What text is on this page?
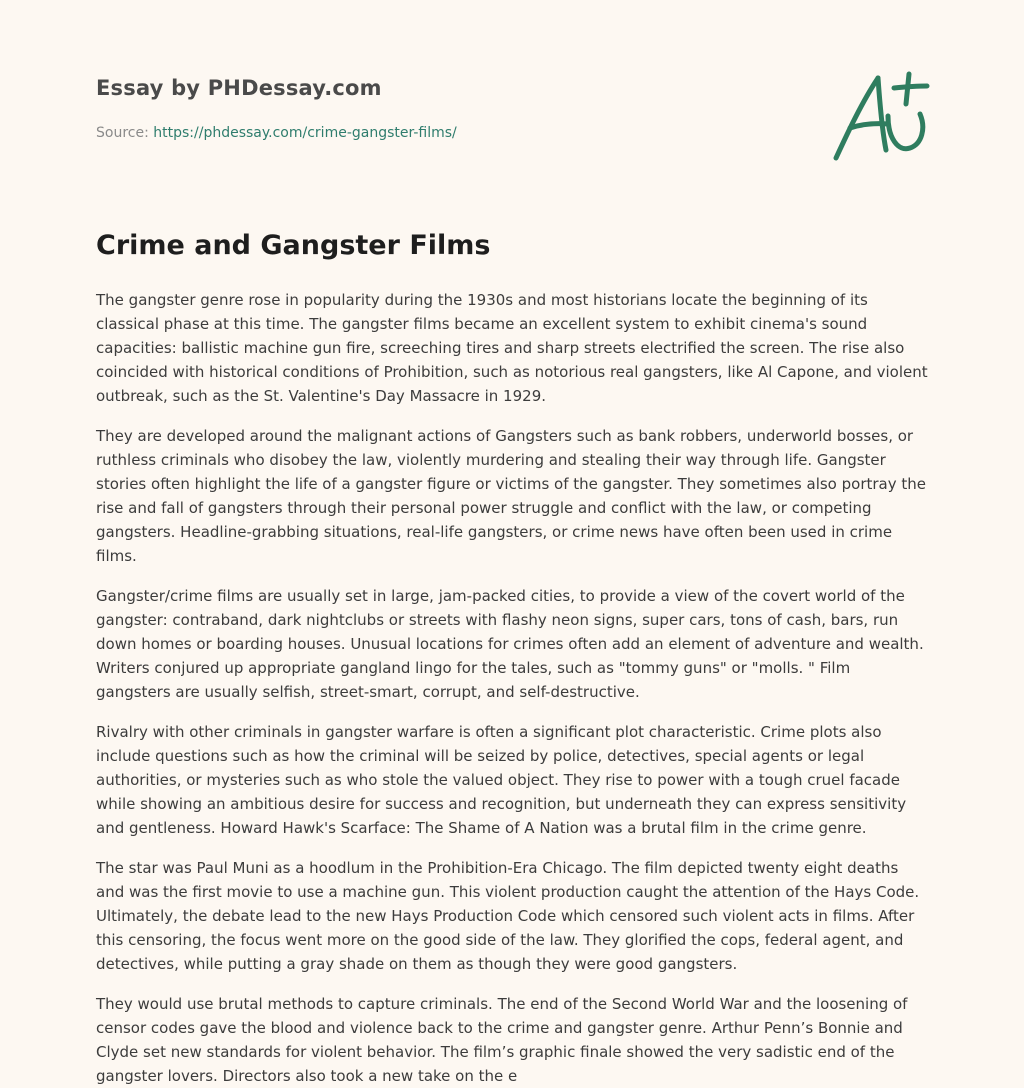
Essay by PHDessay.com
Source: https://phdessay.com/crime-gangster-films/
Crime and Gangster Films

The gangster genre rose in popularity during the 1930s and most historians locate the beginning of its classical phase at this time. The gangster films became an excellent system to exhibit cinema's sound capacities: ballistic machine gun fire, screeching tires and sharp streets electrified the screen. The rise also coincided with historical conditions of Prohibition, such as notorious real gangsters, like Al Capone, and violent outbreak, such as the St. Valentine's Day Massacre in 1929.

They are developed around the malignant actions of Gangsters such as bank robbers, underworld bosses, or ruthless criminals who disobey the law, violently murdering and stealing their way through life. Gangster stories often highlight the life of a gangster figure or victims of the gangster. They sometimes also portray the rise and fall of gangsters through their personal power struggle and conflict with the law, or competing gangsters. Headline-grabbing situations, real-life gangsters, or crime news have often been used in crime films.

Gangster/crime films are usually set in large, jam-packed cities, to provide a view of the covert world of the gangster: contraband, dark nightclubs or streets with flashy neon signs, super cars, tons of cash, bars, run down homes or boarding houses. Unusual locations for crimes often add an element of adventure and wealth. Writers conjured up appropriate gangland lingo for the tales, such as "tommy guns" or "molls. " Film gangsters are usually selfish, street-smart, corrupt, and self-destructive.

Rivalry with other criminals in gangster warfare is often a significant plot characteristic. Crime plots also include questions such as how the criminal will be seized by police, detectives, special agents or legal authorities, or mysteries such as who stole the valued object. They rise to power with a tough cruel facade while showing an ambitious desire for success and recognition, but underneath they can express sensitivity and gentleness. Howard Hawk's Scarface: The Shame of A Nation was a brutal film in the crime genre.

The star was Paul Muni as a hoodlum in the Prohibition-Era Chicago. The film depicted twenty eight deaths and was the first movie to use a machine gun. This violent production caught the attention of the Hays Code. Ultimately, the debate lead to the new Hays Production Code which censored such violent acts in films. After this censoring, the focus went more on the good side of the law. They glorified the cops, federal agent, and detectives, while putting a gray shade on them as though they were good gangsters.

They would use brutal methods to capture criminals. The end of the Second World War and the loosening of censor codes gave the blood and violence back to the crime and gangster genre. Arthur Penn’s Bonnie and Clyde set new standards for violent behavior. The film’s graphic finale showed the very sadistic end of the gangster lovers. Directors also took a new take on the e
